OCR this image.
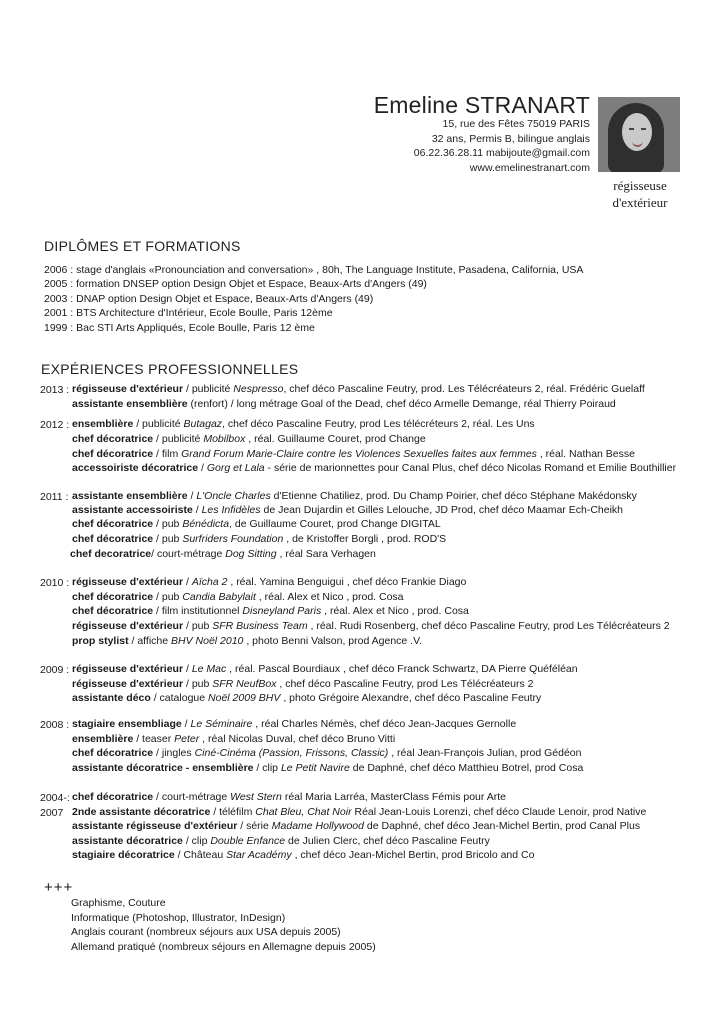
Emeline STRANART
15, rue des Fêtes 75019 PARIS
32 ans, Permis B, bilingue anglais
06.22.36.28.11 mabijoute@gmail.com
www.emelinestranart.com
régisseuse
d'extérieur
DIPLÔMES ET FORMATIONS
2006 : stage d'anglais «Pronounciation and conversation» , 80h, The Language Institute, Pasadena, California, USA
2005 : formation DNSEP option Design Objet et Espace, Beaux-Arts d'Angers (49)
2003 : DNAP option Design Objet et Espace, Beaux-Arts d'Angers (49)
2001 : BTS Architecture d'Intérieur, Ecole Boulle, Paris 12ème
1999 : Bac STI Arts Appliqués, Ecole Boulle, Paris 12 ème
EXPÉRIENCES PROFESSIONNELLES
2013 : régisseuse d'extérieur / publicité Nespresso, chef déco Pascaline Feutry, prod. Les Télécréateurs 2, réal. Frédéric Guelaff
assistante ensemblière (renfort) / long métrage Goal of the Dead, chef déco Armelle Demange, réal Thierry Poiraud
2012 : ensemblière / publicité Butagaz, chef déco Pascaline Feutry, prod Les télécréteurs 2, réal. Les Uns
chef décoratrice / publicité Mobilbox , réal. Guillaume Couret, prod Change
chef décoratrice / film Grand Forum Marie-Claire contre les Violences Sexuelles faites aux femmes , réal. Nathan Besse
accessoiriste décoratrice / Gorg et Lala - série de marionnettes pour Canal Plus, chef déco Nicolas Romand et Emilie Bouthillier
2011 : assistante ensemblière / L'Oncle Charles d'Etienne Chatiliez, prod. Du Champ Poirier, chef déco Stéphane Makédonsky
assistante accessoiriste / Les Infidèles de Jean Dujardin et Gilles Lelouche, JD Prod, chef déco Maamar Ech-Cheikh
chef décoratrice / pub Bénédicta, de Guillaume Couret, prod Change DIGITAL
chef décoratrice / pub Surfriders Foundation , de Kristoffer Borgli , prod. ROD'S
chef decoratrice/ court-métrage Dog Sitting , réal Sara Verhagen
2010 : régisseuse d'extérieur / Aïcha 2 , réal. Yamina Benguigui , chef déco Frankie Diago
chef décoratrice / pub Candia Babylait , réal. Alex et Nico , prod. Cosa
chef décoratrice / film institutionnel Disneyland Paris , réal. Alex et Nico , prod. Cosa
régisseuse d'extérieur / pub SFR Business Team , réal. Rudi Rosenberg, chef déco Pascaline Feutry, prod Les Télécréateurs 2
prop stylist / affiche BHV Noël 2010 , photo Benni Valson, prod Agence .V.
2009 : régisseuse d'extérieur / Le Mac , réal. Pascal Bourdiaux , chef déco Franck Schwartz, DA Pierre Quéféléan
régisseuse d'extérieur / pub SFR NeufBox , chef déco Pascaline Feutry, prod Les Télécréateurs 2
assistante déco / catalogue Noël 2009 BHV , photo Grégoire Alexandre, chef déco Pascaline Feutry
2008 : stagiaire ensembliage / Le Séminaire , réal Charles Némès, chef déco Jean-Jacques Gernolle
ensemblière / teaser Peter , réal Nicolas Duval, chef déco Bruno Vitti
chef décoratrice / jingles Ciné-Cinéma (Passion, Frissons, Classic) , réal Jean-François Julian, prod Gédéon
assistante décoratrice - ensemblière / clip Le Petit Navire de Daphné, chef déco Matthieu Botrel, prod Cosa
2004-: chef décoratrice / court-métrage West Stern réal Maria Larréa, MasterClass Fémis pour Arte
2007 2nde assistante décoratrice / téléfilm Chat Bleu, Chat Noir Réal Jean-Louis Lorenzi, chef déco Claude Lenoir, prod Native
assistante régisseuse d'extérieur / série Madame Hollywood de Daphné, chef déco Jean-Michel Bertin, prod Canal Plus
assistante décoratrice / clip Double Enfance de Julien Clerc, chef déco Pascaline Feutry
stagiaire décoratrice / Château Star Académy , chef déco Jean-Michel Bertin, prod Bricolo and Co
+++
Graphisme, Couture
Informatique (Photoshop, Illustrator, InDesign)
Anglais courant (nombreux séjours aux USA depuis 2005)
Allemand pratiqué (nombreux séjours en Allemagne depuis 2005)
